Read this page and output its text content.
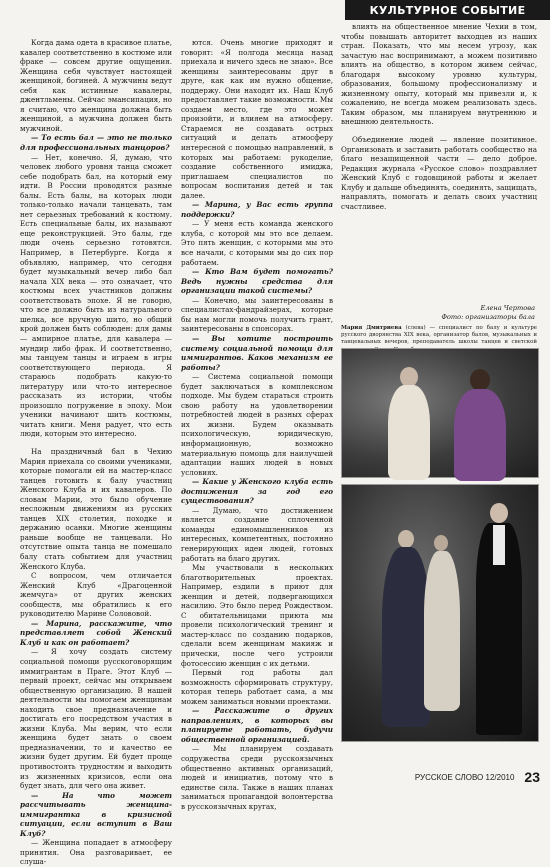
КУЛЬТУРНОЕ СОБЫТИЕ

Когда дама одета в красивое платье, кавалер соответственно в костюме или фраке — совсем другие ощущения. Женщина себя чувствует настоящей женщиной, богиней. А мужчины ведут себя как истинные кавалеры, джентльмены. Сейчас эмансипация, но я считаю, что женщина должна быть женщиной, а мужчина должен быть мужчиной.

— То есть бал — это не только для профессиональных танцоров?

— Нет, конечно. Я, думаю, что человек любого уровня танца сможет себе подобрать бал, на который ему идти. В России проводятся разные балы. Есть балы, на которых люди только-только начали танцевать, там нет серьезных требований к костюму. Есть специальные балы, их называют еще реконструкцией. Это балы, где люди очень серьезно готовятся. Например, в Петербурге. Когда я объявляю, например, что сегодня будет музыкальный вечер либо бал начала XIX века — это означает, что костюмы всех участников должны соответствовать эпохе. Я не говорю, что все должно быть из натурального шелка, все вручную шито, но общий крой должен быть соблюден: для дамы — ампирное платье, для кавалера — мундир либо фрак. И соответственно, мы танцуем танцы и играем в игры соответствующего периода. Я стараюсь подобрать какую-то литературу или что-то интересное рассказать из истории, чтобы произошло погружение в эпоху. Мои ученики начинают шить костюмы, читать книги. Меня радует, что есть люди, которым это интересно.

На праздничный бал в Чехию Мария приехала со своими учениками, которые помогали ей на мастер-класс танцев готовить к балу участниц Женского Клуба и их кавалеров. По словам Марии, это было обучение несложным движениям из русских танцев XIX столетия, походке и держанию осанки. Многие женщины раньше вообще не танцевали. Но отсутствие опыта танца не помешало балу стать событием для участниц Женского Клуба.

С вопросом, чем отличается Женский Клуб «Драгоценной жемчуга» от других женских сообществ, мы обратились к его руководителю Марине Солововой.

— Марина, расскажите, что представляет собой Женский Клуб и как он работает?

— Я хочу создать систему социальной помощи русскоговорящим иммигрантам в Праге. Этот Клуб — первый проект, сейчас мы открываем общественную организацию. В нашей деятельности мы помогаем женщинам находить свое предназначение и достигать его посредством участия в жизни Клуба. Мы верим, что если женщина будет знать о своем предназначении, то и качество ее жизни будет другим. Ей будет проще противостоять трудностям и выходить из жизненных кризисов, если она будет знать, для чего она живет.

— На что может рассчитывать женщина-иммигрантка в кризисной ситуации, если вступит в Ваш Клуб?

— Женщина попадает в атмосферу принятия. Она разговаривает, ее слуша-

ются. Очень многие приходят и говорят: «Я полгода месяца назад приехала и ничего здесь не знаю». Все женщины заинтересованы друг в друге, как как им нужно общение, поддержу. Они находят их. Наш Клуб предоставляет такие возможности. Мы создаем место, где это может произойти, и влияем на атмосферу. Стараемся не создавать острых ситуаций и делать атмосферу интересной с помощью направлений, в которых мы работаем: рукоделие, создание собственного имиджа, приглашаем специалистов по вопросам воспитания детей и так далее.

— Марина, у Вас есть группа поддержки?

— У меня есть команда женского клуба, с которой мы это все делаем. Это пять женщин, с которыми мы это все начали, с которыми мы до сих пор работаем.

— Кто Вам будет помогать? Ведь нужны средства для организации такой системы?

— Конечно, мы заинтересованы в специалистах-фандрайзерах, которые бы нам могли помочь получить грант, заинтересованы в спонсорах.

— Вы хотите построить систему социальной помощи для иммигрантов. Каков механизм ее работы?

— Система социальной помощи будет заключаться в комплексном подходе. Мы будем стараться строить свою работу на удовлетворении потребностей людей в разных сферах их жизни. Будем оказывать психологическую, юридическую, информационную, возможно материальную помощь для наилучшей адаптации наших людей в новых условиях.

— Какие у Женского клуба есть достижения за год его существования?

— Думаю, что достижением является создание сплоченной команды единомышленников из интересных, компетентных, постоянно генерирующих идеи людей, готовых работать на благо других.

Мы участвовали в нескольких благотворительных проектах. Например, ездили в приют для женщин и детей, подвергающихся насилию. Это было перед Рождеством. С обитательницами приюта мы провели психологический тренинг и мастер-класс по созданию подарков, сделали всем женщинам макияж и прически, после чего устроили фотосессию женщин с их детьми.

Первый год работы дал возможность сформировать структуру, которая теперь работает сама, а мы можем заниматься новыми проектами.

— Расскажите о других направлениях, в которых вы планируете работать, будучи общественной организацией.

— Мы планируем создавать содружества среди русскоязычных общественно активных организаций, людей и инициатив, потому что в единстве сила. Также в наших планах заниматься пропагандой волонтерства в русскоязычных кругах,

влиять на общественное мнение Чехии в том, чтобы повышать авторитет выходцев из наших стран. Показать, что мы несем угрозу, как зачастую нас воспринимают, а можем позитивно влиять на общество, в котором живем сейчас, благодаря высокому уровню культуры, образования, большому профессионализму и жизненному опыту, который мы привезли и, к сожалению, не всегда можем реализовать здесь. Таким образом, мы планируем внутреннюю и внешнюю деятельность.

Объединение людей — явление позитивное. Организовать и заставить работать сообщество на благо незащищенной части — дело доброе. Редакция журнала «Русское слово» поздравляет Женский Клуб с годовщиной работы и желает Клубу и дальше объединять, соединять, защищать, направлять, помогать и делать своих участниц счастливее.

Елена Чертова
Фото: организаторы бала
Мария Дмитриева (слева) — специалист по балу и культуре русского дворянства XIX века, организатор балов, музыкальных и танцевальных вечеров, преподаватель школы танцев и светской

РУССКОЕ СЛОВО 12/2010 23
